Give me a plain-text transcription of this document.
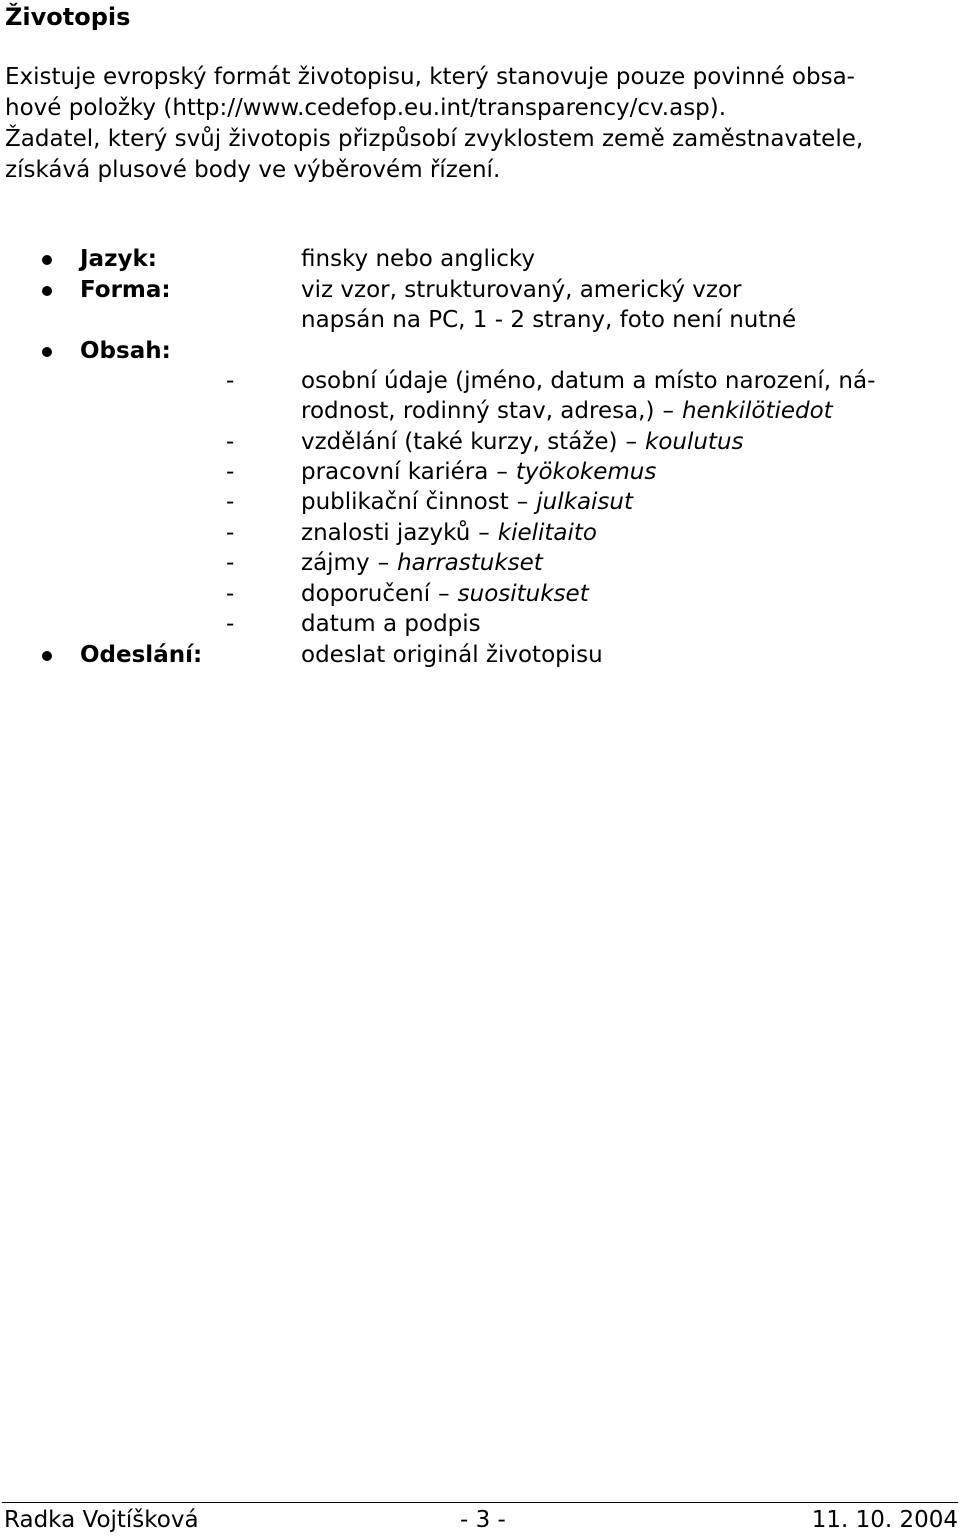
Životopis
Existuje evropský formát životopisu, který stanovuje pouze povinné obsa-
hové položky (http://www.cedefop.eu.int/transparency/cv.asp).
Žadatel, který svůj životopis přizpůsobí zvyklostem země zaměstnavatele,
získává plusové body ve výběrovém řízení.
Jazyk:	finsky nebo anglicky
Forma:	viz vzor, strukturovaný, americký vzor
napsán na PC, 1 - 2 strany, foto není nutné
Obsah:
-	osobní údaje (jméno, datum a místo narození, ná-
rodnost, rodinný stav, adresa,) – henkilötiedot
-	vzdělání (také kurzy, stáže) – koulutus
-	pracovní kariéra – työkokemus
-	publikační činnost – julkaisut
-	znalosti jazyků – kielitaito
-	zájmy – harrastukset
-	doporučení – suositukset
-	datum a podpis
Odeslání:	odeslat originál životopisu
Radka Vojtíšková	- 3 -	11. 10. 2004
